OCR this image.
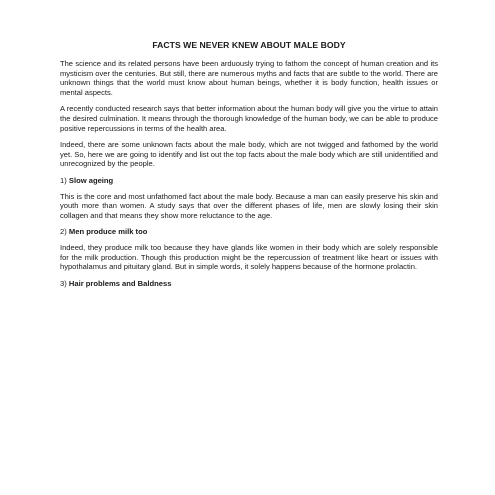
FACTS WE NEVER KNEW ABOUT MALE BODY

The science and its related persons have been arduously trying to fathom the concept of human creation and its mysticism over the centuries. But still, there are numerous myths and facts that are subtle to the world. There are unknown things that the world must know about human beings, whether it is body function, health issues or mental aspects.

A recently conducted research says that better information about the human body will give you the virtue to attain the desired culmination. It means through the thorough knowledge of the human body, we can be able to produce positive repercussions in terms of the health area.

Indeed, there are some unknown facts about the male body, which are not twigged and fathomed by the world yet. So, here we are going to identify and list out the top facts about the male body which are still unidentified and unrecognized by the people.

1) Slow ageing

This is the core and most unfathomed fact about the male body. Because a man can easily preserve his skin and youth more than women. A study says that over the different phases of life, men are slowly losing their skin collagen and that means they show more reluctance to the age.

2) Men produce milk too

Indeed, they produce milk too because they have glands like women in their body which are solely responsible for the milk production. Though this production might be the repercussion of treatment like heart or issues with hypothalamus and pituitary gland. But in simple words, it solely happens because of the hormone prolactin.

3) Hair problems and Baldness
